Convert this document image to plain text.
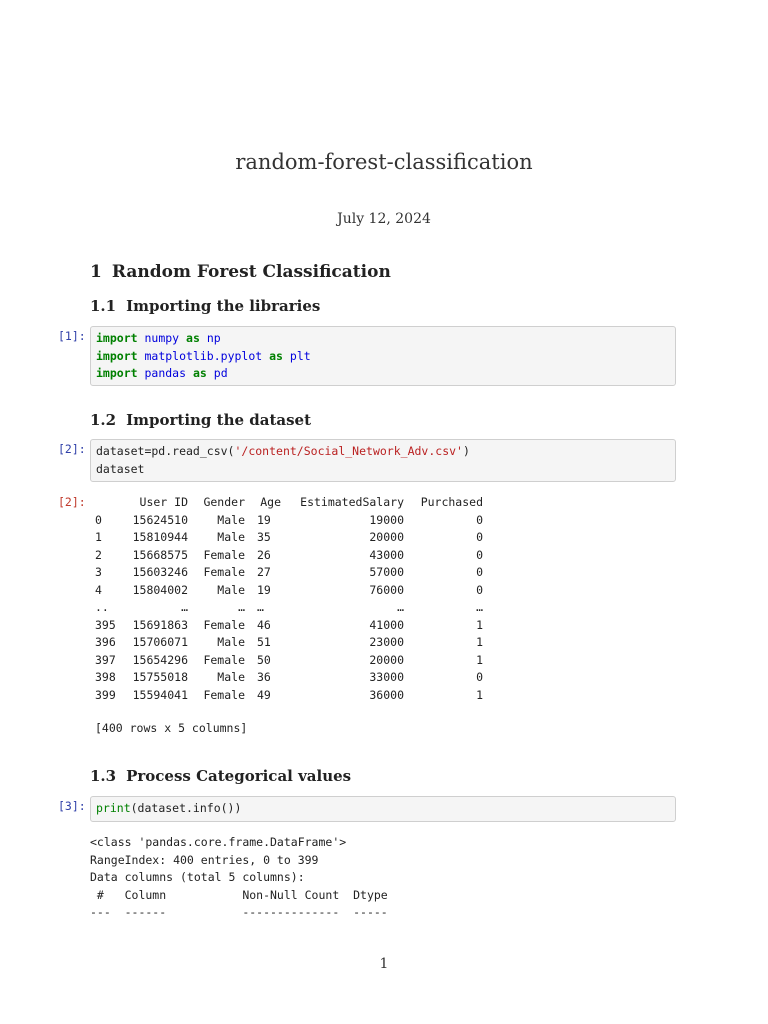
random-forest-classification
July 12, 2024
1 Random Forest Classification
1.1 Importing the libraries
[1]: import numpy as np
import matplotlib.pyplot as plt
import pandas as pd
1.2 Importing the dataset
[2]: dataset=pd.read_csv('/content/Social_Network_Adv.csv')
dataset
[2]:
		User ID	Gender	Age	EstimatedSalary	Purchased
0	15624510	Male	19	19000	0
1	15810944	Male	35	20000	0
2	15668575	Female	26	43000	0
3	15603246	Female	27	57000	0
4	15804002	Male	19	76000	0
..	…	…	…	…	…
395	15691863	Female	46	41000	1
396	15706071	Male	51	23000	1
397	15654296	Female	50	20000	1
398	15755018	Male	36	33000	0
399	15594041	Female	49	36000	1
[400 rows x 5 columns]
1.3 Process Categorical values
[3]: print(dataset.info())
<class 'pandas.core.frame.DataFrame'>
RangeIndex: 400 entries, 0 to 399
Data columns (total 5 columns):
#   Column           Non-Null Count  Dtype
---  ------           --------------  -----
1
